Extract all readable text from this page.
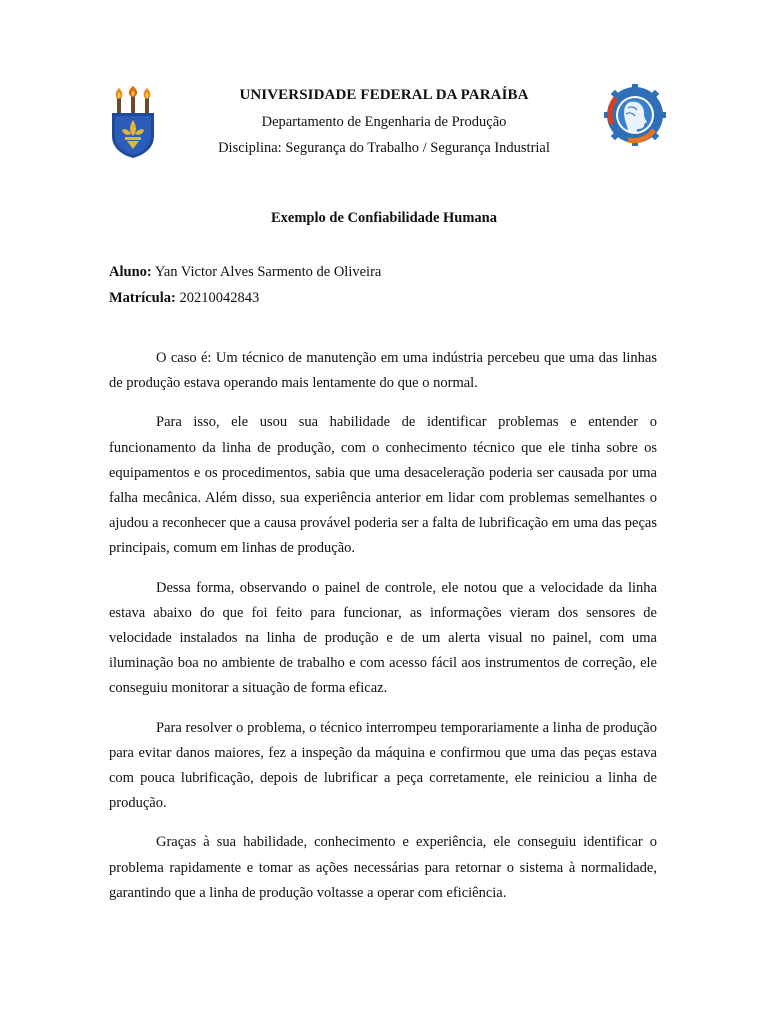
UNIVERSIDADE FEDERAL DA PARAÍBA
Departamento de Engenharia de Produção
Disciplina: Segurança do Trabalho / Segurança Industrial
Exemplo de Confiabilidade Humana
Aluno: Yan Victor Alves Sarmento de Oliveira
Matrícula: 20210042843

O caso é: Um técnico de manutenção em uma indústria percebeu que uma das linhas de produção estava operando mais lentamente do que o normal.

Para isso, ele usou sua habilidade de identificar problemas e entender o funcionamento da linha de produção, com o conhecimento técnico que ele tinha sobre os equipamentos e os procedimentos, sabia que uma desaceleração poderia ser causada por uma falha mecânica. Além disso, sua experiência anterior em lidar com problemas semelhantes o ajudou a reconhecer que a causa provável poderia ser a falta de lubrificação em uma das peças principais, comum em linhas de produção.

Dessa forma, observando o painel de controle, ele notou que a velocidade da linha estava abaixo do que foi feito para funcionar, as informações vieram dos sensores de velocidade instalados na linha de produção e de um alerta visual no painel, com uma iluminação boa no ambiente de trabalho e com acesso fácil aos instrumentos de correção, ele conseguiu monitorar a situação de forma eficaz.

Para resolver o problema, o técnico interrompeu temporariamente a linha de produção para evitar danos maiores, fez a inspeção da máquina e confirmou que uma das peças estava com pouca lubrificação, depois de lubrificar a peça corretamente, ele reiniciou a linha de produção.

Graças à sua habilidade, conhecimento e experiência, ele conseguiu identificar o problema rapidamente e tomar as ações necessárias para retornar o sistema à normalidade, garantindo que a linha de produção voltasse a operar com eficiência.
